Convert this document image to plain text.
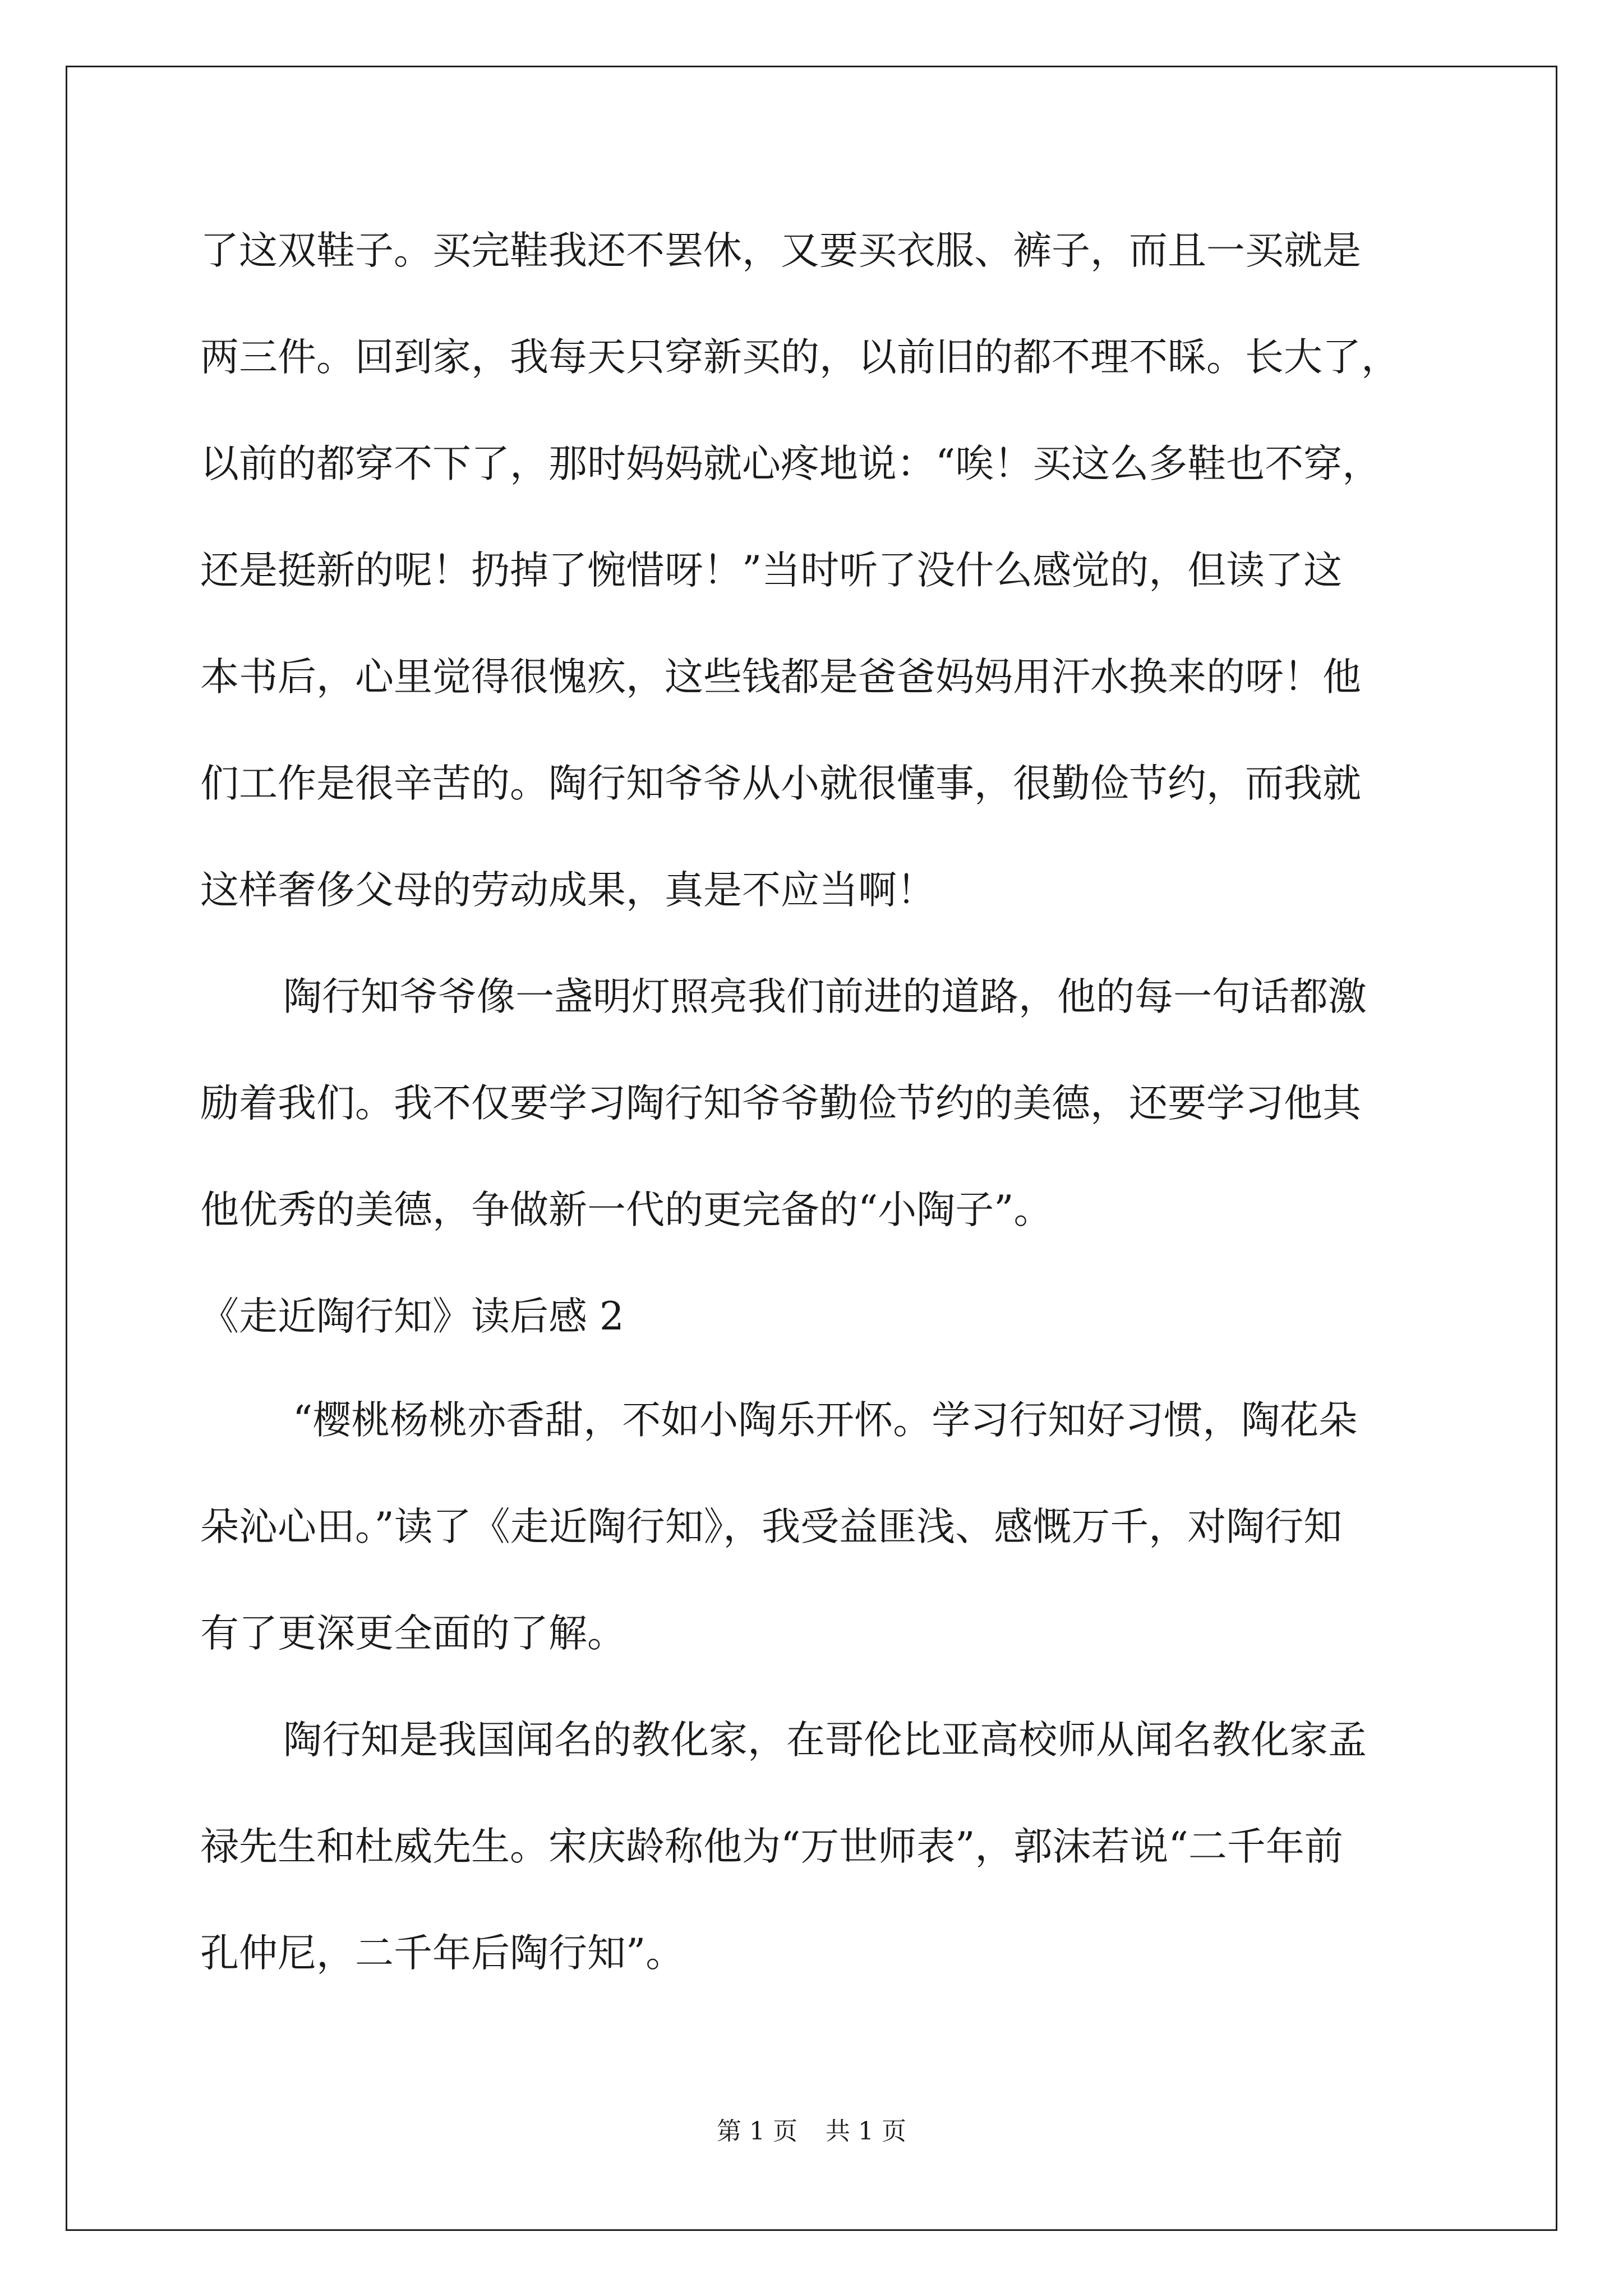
了这双鞋子。买完鞋我还不罢休，又要买衣服、裤子，而且一买就是
两三件。回到家，我每天只穿新买的，以前旧的都不理不睬。长大了，
以前的都穿不下了，那时妈妈就心疼地说：“唉！买这么多鞋也不穿，
还是挺新的呢！扔掉了惋惜呀！”当时听了没什么感觉的，但读了这
本书后，心里觉得很愧疚，这些钱都是爸爸妈妈用汗水换来的呀！他
们工作是很辛苦的。陶行知爷爷从小就很懂事，很勤俭节约，而我就
这样奢侈父母的劳动成果，真是不应当啊！
陶行知爷爷像一盏明灯照亮我们前进的道路，他的每一句话都激
励着我们。我不仅要学习陶行知爷爷勤俭节约的美德，还要学习他其
他优秀的美德，争做新一代的更完备的“小陶子”。
《走近陶行知》读后感 2
“樱桃杨桃亦香甜，不如小陶乐开怀。学习行知好习惯，陶花朵
朵沁心田。”读了《走近陶行知》，我受益匪浅、感慨万千，对陶行知
有了更深更全面的了解。
陶行知是我国闻名的教化家，在哥伦比亚高校师从闻名教化家孟
禄先生和杜威先生。宋庆龄称他为“万世师表”，郭沫若说“二千年前
孔仲尼，二千年后陶行知”。
第 1 页 共 1 页
